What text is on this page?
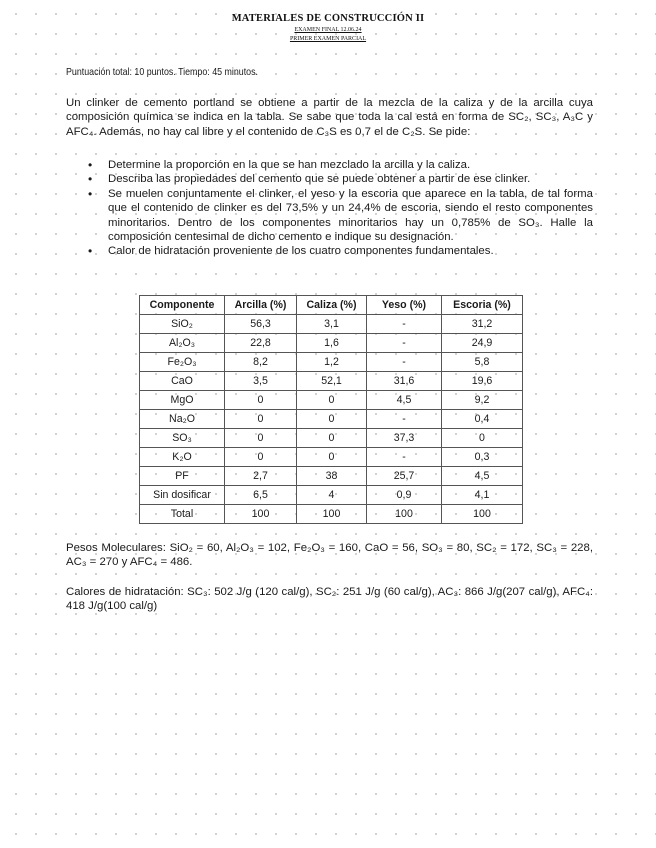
MATERIALES DE CONSTRUCCIÓN II
EXAMEN FINAL 12.06.24
PRIMER EXAMEN PARCIAL
Puntuación total: 10 puntos. Tiempo: 45 minutos.
Un clinker de cemento portland se obtiene a partir de la mezcla de la caliza y de la arcilla cuya composición química se indica en la tabla. Se sabe que toda la cal está en forma de SC₂, SC₃, A₃C y AFC₄. Además, no hay cal libre y el contenido de C₃S es 0,7 el de C₂S. Se pide:
• Determine la proporción en la que se han mezclado la arcilla y la caliza.
• Describa las propiedades del cemento que se puede obtener a partir de ese clinker.
• Se muelen conjuntamente el clinker, el yeso y la escoria que aparece en la tabla, de tal forma que el contenido de clinker es del 73,5% y un 24,4% de escoria, siendo el resto componentes minoritarios. Dentro de los componentes minoritarios hay un 0,785% de SO₃. Halle la composición centesimal de dicho cemento e indique su designación.
• Calor de hidratación proveniente de los cuatro componentes fundamentales.
Componente	Arcilla (%)	Caliza (%)	Yeso (%)	Escoria (%)
SiO₂	56,3	3,1	-	31,2
Al₂O₃	22,8	1,6	-	24,9
Fe₂O₃	8,2	1,2	-	5,8
CaO	3,5	52,1	31,6	19,6
MgO	0	0	4,5	9,2
Na₂O	0	0	-	0,4
SO₃	0	0	37,3	0
K₂O	0	0	-	0,3
PF	2,7	38	25,7	4,5
Sin dosificar	6,5	4	0,9	4,1
Total	100	100	100	100
Pesos Moleculares: SiO₂ = 60, Al₂O₃ = 102, Fe₂O₃ = 160, CaO = 56, SO₃ = 80, SC₂ = 172, SC₃ = 228, AC₃ = 270 y AFC₄ = 486.
Calores de hidratación: SC₃: 502 J/g (120 cal/g), SC₂: 251 J/g (60 cal/g), AC₃: 866 J/g(207 cal/g), AFC₄: 418 J/g(100 cal/g)
